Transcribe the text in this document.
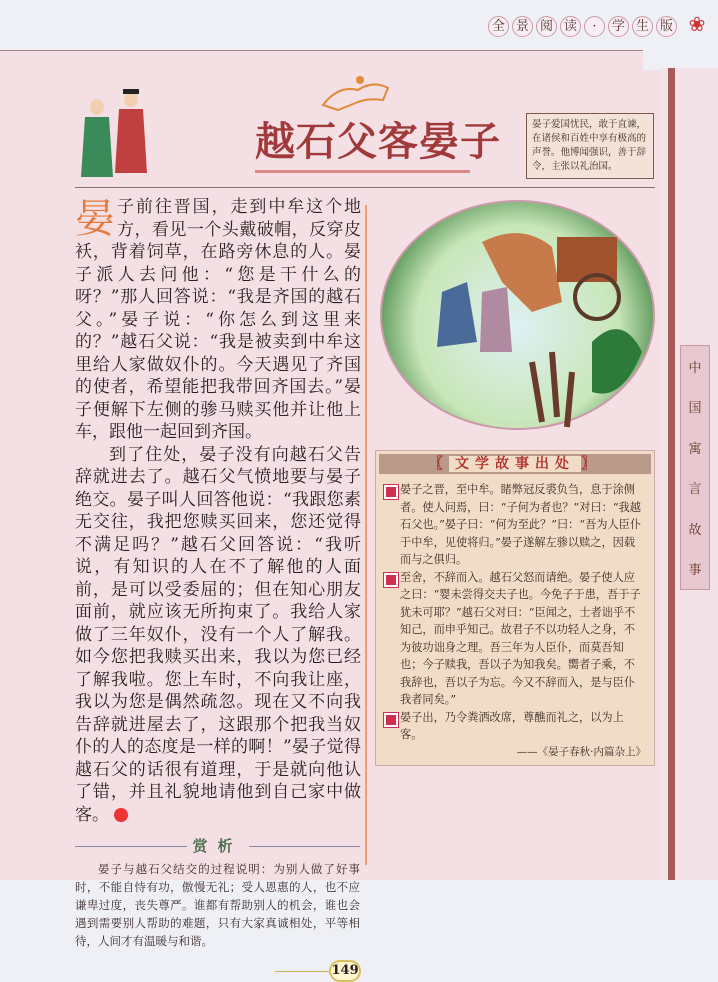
全 景 阅 读	·	学 生 版 ❀
中
国
寓
言
故
事
越石父客晏子	晏子爱国忧民，敢于直谏，在诸侯和百姓中享有极高的声誉。他博闻强识，善于辞令，主张以礼治国。

晏子前往晋国，走到中牟这个地方，看见一个头戴破帽，反穿皮袄，背着饲草，在路旁休息的人。晏子派人去问他：“您是干什么的呀？”那人回答说：“我是齐国的越石父。”晏子说：“你怎么到这里来的？”越石父说：“我是被卖到中牟这里给人家做奴仆的。今天遇见了齐国的使者，希望能把我带回齐国去。”晏子便解下左侧的骖马赎买他并让他上车，跟他一起回到齐国。

到了住处，晏子没有向越石父告辞就进去了。越石父气愤地要与晏子绝交。晏子叫人回答他说：“我跟您素无交往，我把您赎买回来，您还觉得不满足吗？”越石父回答说：“我听说，有知识的人在不了解他的人面前，是可以受委屈的；但在知心朋友面前，就应该无所拘束了。我给人家做了三年奴仆，没有一个人了解我。如今您把我赎买出来，我以为您已经了解我啦。您上车时，不向我让座，我以为您是偶然疏忽。现在又不向我告辞就进屋去了，这跟那个把我当奴仆的人的态度是一样的啊！”晏子觉得越石父的话很有道理，于是就向他认了错，并且礼貌地请他到自己家中做客。

赏析
晏子与越石父结交的过程说明：为别人做了好事时，不能自恃有功，傲慢无礼；受人恩惠的人，也不应谦卑过度，丧失尊严。谁都有帮助别人的机会，谁也会遇到需要别人帮助的难题，只有大家真诚相处，平等相待，人间才有温暖与和谐。
149
〖 文学故事出处 〗
晏子之晋，至中牟。睹弊冠反裘负刍，息于涂侧者。使人问焉，曰：“子何为者也？”对曰：“我越石父也。”晏子曰：“何为至此？”曰：“吾为人臣仆于中牟，见使将归。”晏子遂解左骖以赎之，因载而与之俱归。
至舍，不辞而入。越石父怒而请绝。晏子使人应之曰：“婴未尝得交夫子也。今免子于患，吾于子犹未可耶？”越石父对曰：“臣闻之，士者诎乎不知己，而申乎知己。故君子不以功轻人之身，不为彼功诎身之理。吾三年为人臣仆，而莫吾知也；今子赎我，吾以子为知我矣。嚮者子乘，不我辞也，吾以子为忘。今又不辞而入，是与臣仆我者同矣。”
晏子出，乃令粪洒改席，尊醮而礼之，以为上客。
——《晏子春秋·内篇杂上》
